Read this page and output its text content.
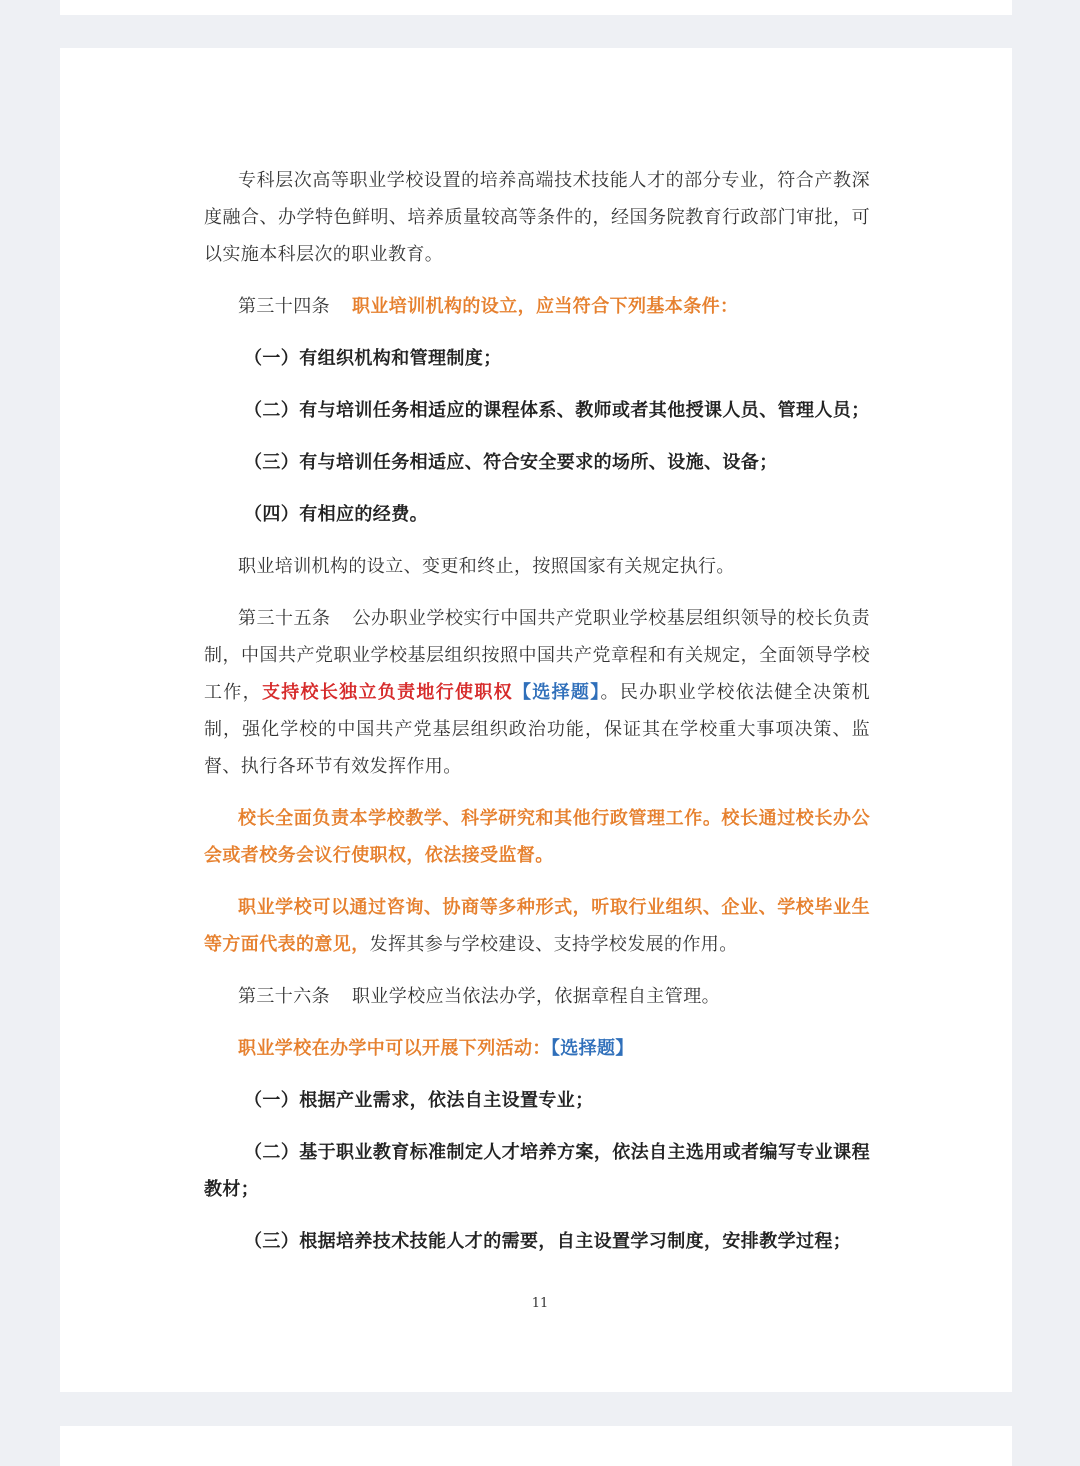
专科层次高等职业学校设置的培养高端技术技能人才的部分专业，符合产教深度融合、办学特色鲜明、培养质量较高等条件的，经国务院教育行政部门审批，可以实施本科层次的职业教育。

第三十四条 职业培训机构的设立，应当符合下列基本条件：

（一）有组织机构和管理制度；

（二）有与培训任务相适应的课程体系、教师或者其他授课人员、管理人员；

（三）有与培训任务相适应、符合安全要求的场所、设施、设备；

（四）有相应的经费。

职业培训机构的设立、变更和终止，按照国家有关规定执行。

第三十五条 公办职业学校实行中国共产党职业学校基层组织领导的校长负责制，中国共产党职业学校基层组织按照中国共产党章程和有关规定，全面领导学校工作，支持校长独立负责地行使职权【选择题】。民办职业学校依法健全决策机制，强化学校的中国共产党基层组织政治功能，保证其在学校重大事项决策、监督、执行各环节有效发挥作用。

校长全面负责本学校教学、科学研究和其他行政管理工作。校长通过校长办公会或者校务会议行使职权，依法接受监督。

职业学校可以通过咨询、协商等多种形式，听取行业组织、企业、学校毕业生等方面代表的意见，发挥其参与学校建设、支持学校发展的作用。

第三十六条 职业学校应当依法办学，依据章程自主管理。

职业学校在办学中可以开展下列活动：【选择题】

（一）根据产业需求，依法自主设置专业；

（二）基于职业教育标准制定人才培养方案，依法自主选用或者编写专业课程教材；

（三）根据培养技术技能人才的需要，自主设置学习制度，安排教学过程；

11
